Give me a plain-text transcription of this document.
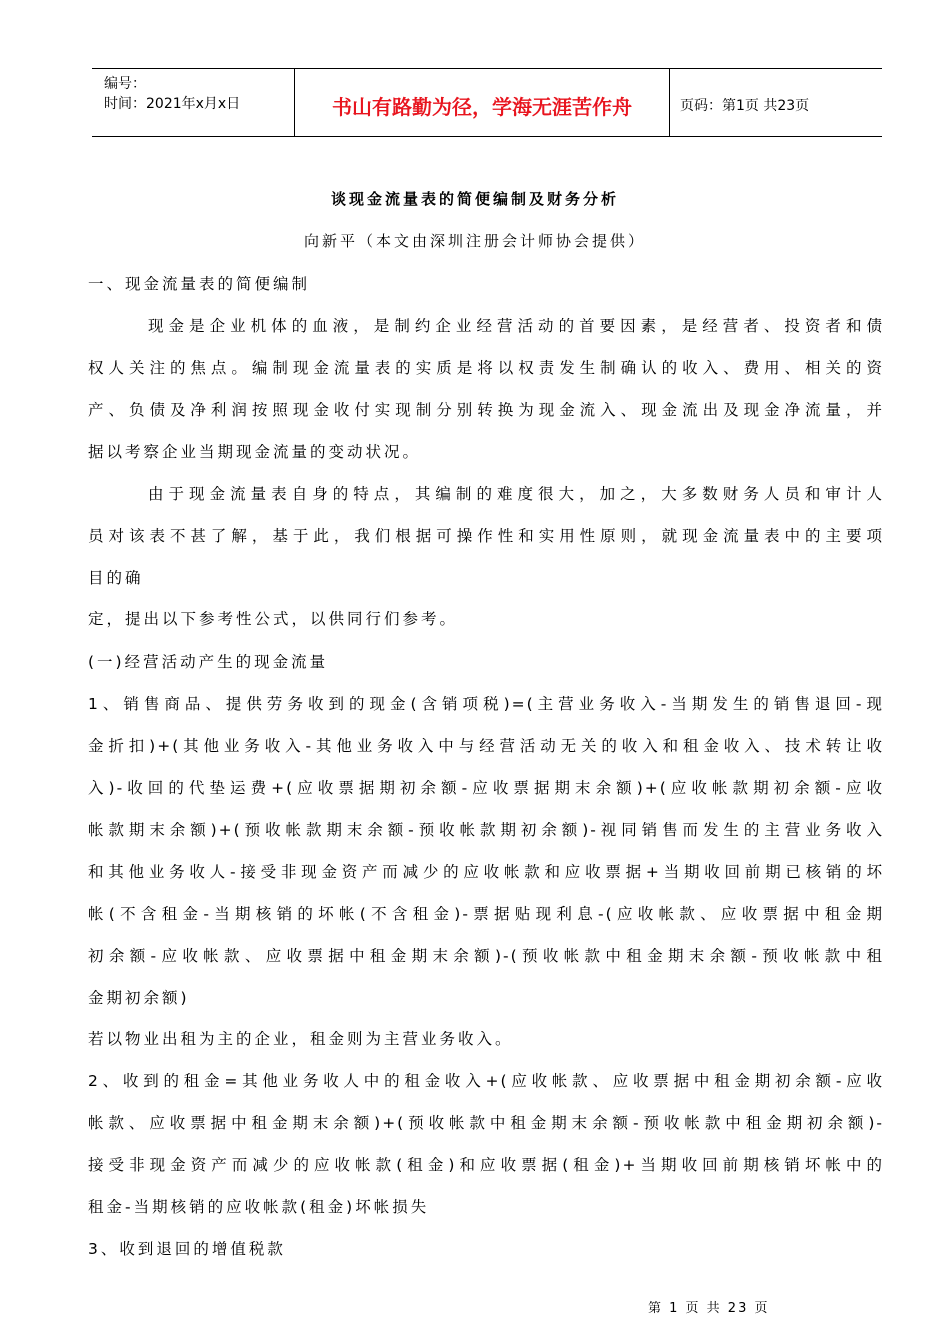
编号：
时间：2021年x月x日	书山有路勤为径，学海无涯苦作舟	页码：第1页 共23页
谈现金流量表的简便编制及财务分析
向新平（本文由深圳注册会计师协会提供）
一、现金流量表的简便编制
现金是企业机体的血液，是制约企业经营活动的首要因素，是经营者、投资者和债
权人关注的焦点。编制现金流量表的实质是将以权责发生制确认的收入、费用、相关的资
产、负债及净利润按照现金收付实现制分别转换为现金流入、现金流出及现金净流量，并
据以考察企业当期现金流量的变动状况。
由于现金流量表自身的特点，其编制的难度很大，加之，大多数财务人员和审计人
员对该表不甚了解，基于此，我们根据可操作性和实用性原则，就现金流量表中的主要项
目的确
定，提出以下参考性公式，以供同行们参考。
(一)经营活动产生的现金流量
1、销售商品、提供劳务收到的现金(含销项税)=(主营业务收入-当期发生的销售退回-现
金折扣)+(其他业务收入-其他业务收入中与经营活动无关的收入和租金收入、技术转让收
入)-收回的代垫运费+(应收票据期初余额-应收票据期末余额)+(应收帐款期初余额-应收
帐款期末余额)+(预收帐款期末余额-预收帐款期初余额)-视同销售而发生的主营业务收入
和其他业务收人-接受非现金资产而减少的应收帐款和应收票据+当期收回前期已核销的坏
帐(不含租金-当期核销的坏帐(不含租金)-票据贴现利息-(应收帐款、应收票据中租金期
初余额-应收帐款、应收票据中租金期末余额)-(预收帐款中租金期末余额-预收帐款中租
金期初余额)
若以物业出租为主的企业，租金则为主营业务收入。
2、收到的租金=其他业务收人中的租金收入+(应收帐款、应收票据中租金期初余额-应收
帐款、应收票据中租金期末余额)+(预收帐款中租金期末余额-预收帐款中租金期初余额)-
接受非现金资产而减少的应收帐款(租金)和应收票据(租金)+当期收回前期核销坏帐中的
租金-当期核销的应收帐款(租金)坏帐损失
3、收到退回的增值税款
第 1 页 共 23 页
